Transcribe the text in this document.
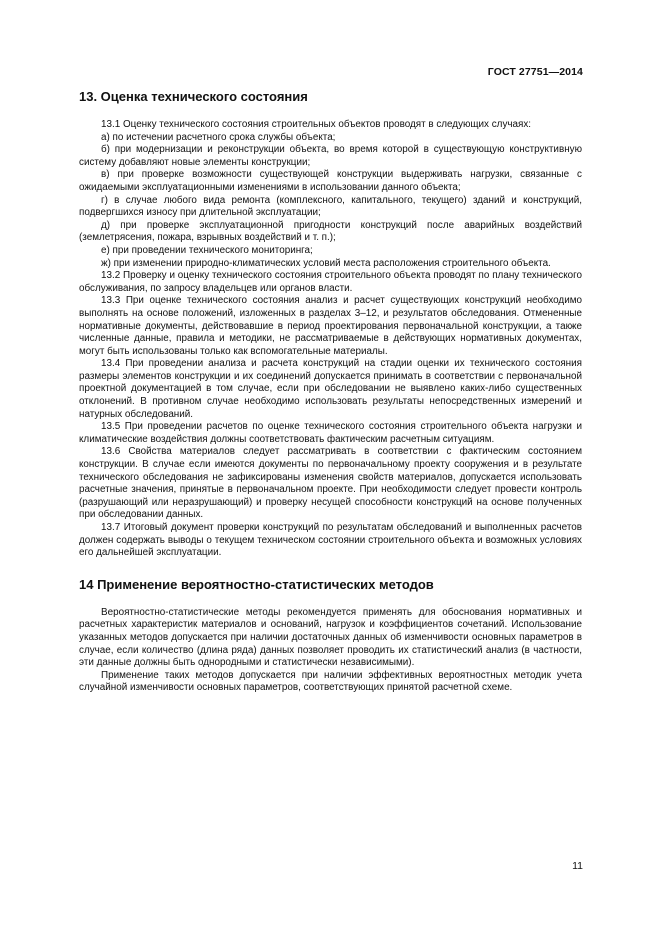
ГОСТ 27751—2014
13. Оценка технического состояния

13.1 Оценку технического состояния строительных объектов проводят в следующих случаях:

а) по истечении расчетного срока службы объекта;

б) при модернизации и реконструкции объекта, во время которой в существующую конструктивную систему добавляют новые элементы конструкции;

в) при проверке возможности существующей конструкции выдерживать нагрузки, связанные с ожидаемыми эксплуатационными изменениями в использовании данного объекта;

г) в случае любого вида ремонта (комплексного, капитального, текущего) зданий и конструкций, подвергшихся износу при длительной эксплуатации;

д) при проверке эксплуатационной пригодности конструкций после аварийных воздействий (землетрясения, пожара, взрывных воздействий и т. п.);

е) при проведении технического мониторинга;

ж) при изменении природно-климатических условий места расположения строительного объекта.

13.2 Проверку и оценку технического состояния строительного объекта проводят по плану технического обслуживания, по запросу владельцев или органов власти.

13.3 При оценке технического состояния анализ и расчет существующих конструкций необходимо выполнять на основе положений, изложенных в разделах 3–12, и результатов обследования. Отмененные нормативные документы, действовавшие в период проектирования первоначальной конструкции, а также численные данные, правила и методики, не рассматриваемые в действующих нормативных документах, могут быть использованы только как вспомогательные материалы.

13.4 При проведении анализа и расчета конструкций на стадии оценки их технического состояния размеры элементов конструкции и их соединений допускается принимать в соответствии с первоначальной проектной документацией в том случае, если при обследовании не выявлено каких-либо существенных отклонений. В противном случае необходимо использовать результаты непосредственных измерений и натурных обследований.

13.5 При проведении расчетов по оценке технического состояния строительного объекта нагрузки и климатические воздействия должны соответствовать фактическим расчетным ситуациям.

13.6 Свойства материалов следует рассматривать в соответствии с фактическим состоянием конструкции. В случае если имеются документы по первоначальному проекту сооружения и в результате технического обследования не зафиксированы изменения свойств материалов, допускается использовать расчетные значения, принятые в первоначальном проекте. При необходимости следует провести контроль (разрушающий или неразрушающий) и проверку несущей способности конструкций на основе полученных при обследовании данных.

13.7 Итоговый документ проверки конструкций по результатам обследований и выполненных расчетов должен содержать выводы о текущем техническом состоянии строительного объекта и возможных условиях его дальнейшей эксплуатации.

14 Применение вероятностно-статистических методов

Вероятностно-статистические методы рекомендуется применять для обоснования нормативных и расчетных характеристик материалов и оснований, нагрузок и коэффициентов сочетаний. Использование указанных методов допускается при наличии достаточных данных об изменчивости основных параметров в случае, если количество (длина ряда) данных позволяет проводить их статистический анализ (в частности, эти данные должны быть однородными и статистически независимыми).

Применение таких методов допускается при наличии эффективных вероятностных методик учета случайной изменчивости основных параметров, соответствующих принятой расчетной схеме.

11
